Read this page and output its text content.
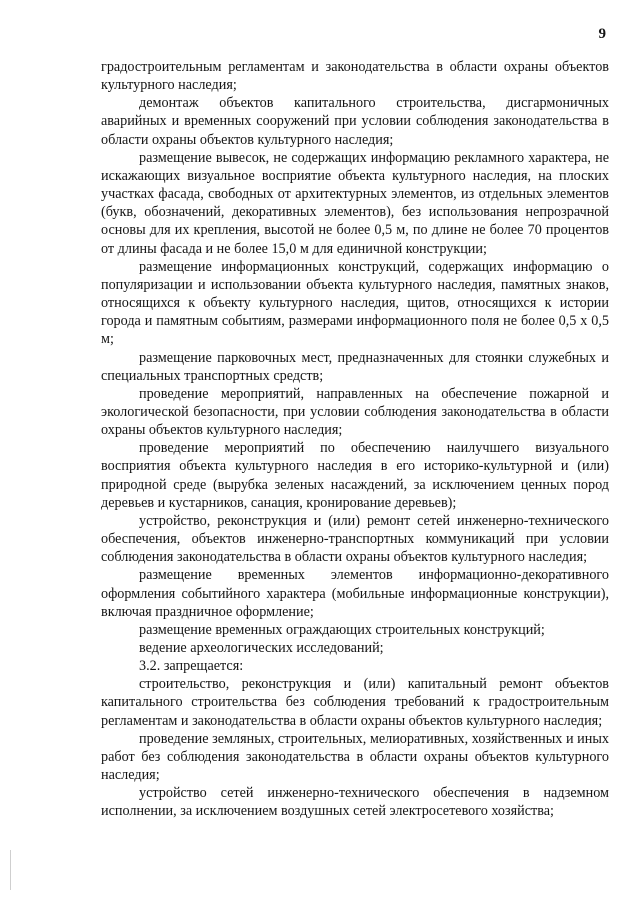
9

градостроительным регламентам и законодательства в области охраны объектов культурного наследия;

демонтаж объектов капитального строительства, дисгармоничных аварийных и временных сооружений при условии соблюдения законодательства в области охраны объектов культурного наследия;

размещение вывесок, не содержащих информацию рекламного характера, не искажающих визуальное восприятие объекта культурного наследия, на плоских участках фасада, свободных от архитектурных элементов, из отдельных элементов (букв, обозначений, декоративных элементов), без использования непрозрачной основы для их крепления, высотой не более 0,5 м, по длине не более 70 процентов от длины фасада и не более 15,0 м для единичной конструкции;

размещение информационных конструкций, содержащих информацию о популяризации и использовании объекта культурного наследия, памятных знаков, относящихся к объекту культурного наследия, щитов, относящихся к истории города и памятным событиям, размерами информационного поля не более 0,5 х 0,5 м;

размещение парковочных мест, предназначенных для стоянки служебных и специальных транспортных средств;

проведение мероприятий, направленных на обеспечение пожарной и экологической безопасности, при условии соблюдения законодательства в области охраны объектов культурного наследия;

проведение мероприятий по обеспечению наилучшего визуального восприятия объекта культурного наследия в его историко-культурной и (или) природной среде (вырубка зеленых насаждений, за исключением ценных пород деревьев и кустарников, санация, кронирование деревьев);

устройство, реконструкция и (или) ремонт сетей инженерно-технического обеспечения, объектов инженерно-транспортных коммуникаций при условии соблюдения законодательства в области охраны объектов культурного наследия;

размещение временных элементов информационно-декоративного оформления событийного характера (мобильные информационные конструкции), включая праздничное оформление;

размещение временных ограждающих строительных конструкций;

ведение археологических исследований;

3.2. запрещается:

строительство, реконструкция и (или) капитальный ремонт объектов капитального строительства без соблюдения требований к градостроительным регламентам и законодательства в области охраны объектов культурного наследия;

проведение земляных, строительных, мелиоративных, хозяйственных и иных работ без соблюдения законодательства в области охраны объектов культурного наследия;

устройство сетей инженерно-технического обеспечения в надземном исполнении, за исключением воздушных сетей электросетевого хозяйства;
